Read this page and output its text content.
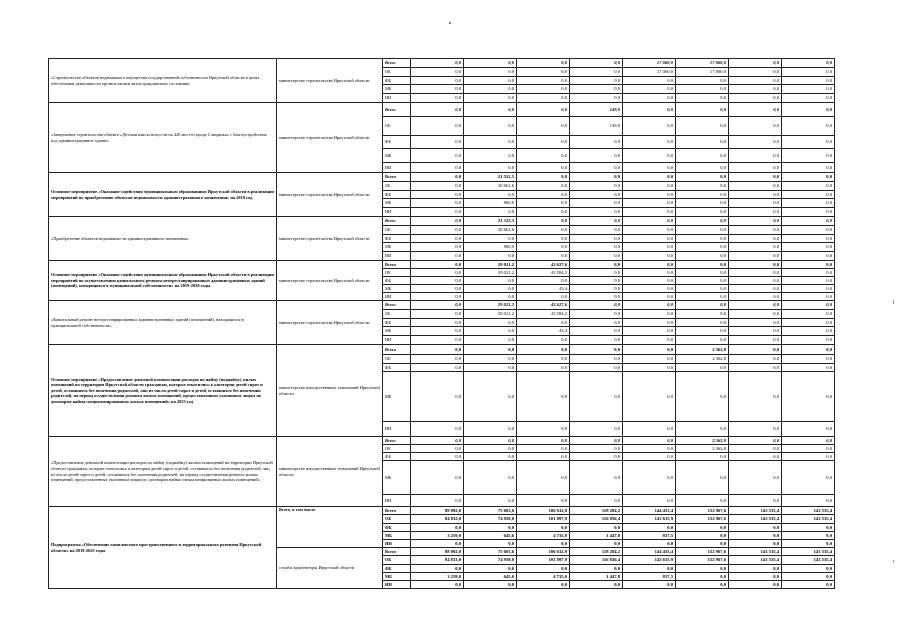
«Строительство объектов недвижимого имущества государственной собственности Иркутской области в целях обеспечения деятельности органов записи актов гражданского состояния»	министерство строительства Иркутской области	Всего	0,0	0,0	0,0	0,0	17 060,0	17 060,0	0,0	0,0
		ОБ	0,0	0,0	0,0	0,0	17 060,0	17 060,0	0,0	0,0
		ФБ	0,0	0,0	0,0	0,0	0,0	0,0	0,0	0,0
		МБ	0,0	0,0	0,0	0,0	0,0	0,0	0,0	0,0
		ИИ	0,0	0,0	0,0	0,0	0,0	0,0	0,0	0,0
«Завершение строительства объекта «Детская школа искусств на 420 мест в городе Слюдянка» с благоустройством под административное здание»	министерство строительства Иркутской области	Всего	0,0	0,0	0,0	149,0	0,0	0,0	0,0	0,0
		ОБ	0,0	0,0	0,0	149,0	0,0	0,0	0,0	0,0
		ФБ	0,0	0,0	0,0	0,0	0,0	0,0	0,0	0,0
		МБ	0,0	0,0	0,0	0,0	0,0	0,0	0,0	0,0
		ИИ	0,0	0,0	0,0	0,0	0,0	0,0	0,0	0,0
Основное мероприятие «Оказание содействия муниципальным образованиям Иркутской области в реализации мероприятий по приобретению объектов недвижимости административного назначения» на 2019 год	министерство строительства Иркутской области	Всего	0,0	21 522,5	0,0	0,0	0,0	0,0	0,0	0,0
		ОБ	0,0	20 661,6	0,0	0,0	0,0	0,0	0,0	0,0
		ФБ	0,0	0,0	0,0	0,0	0,0	0,0	0,0	0,0
		МБ	0,0	860,9	0,0	0,0	0,0	0,0	0,0	0,0
		ИИ	0,0	0,0	0,0	0,0	0,0	0,0	0,0	0,0
«Приобретение объектов недвижимости административного назначения»	министерство строительства Иркутской области	Всего	0,0	21 522,5	0,0	0,0	0,0	0,0	0,0	0,0
		ОБ	0,0	20 661,6	0,0	0,0	0,0	0,0	0,0	0,0
		ФБ	0,0	0,0	0,0	0,0	0,0	0,0	0,0	0,0
		МБ	0,0	860,9	0,0	0,0	0,0	0,0	0,0	0,0
		ИИ	0,0	0,0	0,0	0,0	0,0	0,0	0,0	0,0
Основное мероприятие «Оказание содействия муниципальным образованиям Иркутской области в реализации мероприятий по осуществлению капитального ремонта неотреставрированных административных зданий (помещений), находящихся в муниципальной собственности» на 2019-2020 годы	министерство строительства Иркутской области	Всего	0,0	29 021,2	43 627,6	0,0	0,0	0,0	0,0	0,0
		ОБ	0,0	29 021,2	43 584,2	0,0	0,0	0,0	0,0	0,0
		ФБ	0,0	0,0	0,0	0,0	0,0	0,0	0,0	0,0
		МБ	0,0	0,0	43,4	0,0	0,0	0,0	0,0	0,0
		ИИ	0,0	0,0	0,0	0,0	0,0	0,0	0,0	0,0
«Капитальный ремонт неотреставрированных административных зданий (помещений), находящихся в муниципальной собственности»	министерство строительства Иркутской области	Всего	0,0	29 021,2	43 627,6	0,0	0,0	0,0	0,0	0,0
		ОБ	0,0	29 021,2	43 584,2	0,0	0,0	0,0	0,0	0,0
		ФБ	0,0	0,0	0,0	0,0	0,0	0,0	0,0	0,0
		МБ	0,0	0,0	43,4	0,0	0,0	0,0	0,0	0,0
		ИИ	0,0	0,0	0,0	0,0	0,0	0,0	0,0	0,0
Основное мероприятие «Предоставление денежной компенсации расходов по найму (поднайму) жилых помещений на территории Иркутской области гражданам, которые относились к категории детей-сирот и детей, оставшихся без попечения родителей, лиц из числа детей-сирот и детей, оставшихся без попечения родителей, на период осуществления ремонта жилых помещений, предоставленных указанным лицам по договорам найма специализированных жилых помещений» на 2023 год	министерство имущественных отношений Иркутской области	Всего	0,0	0,0	0,0	0,0	0,0	2 362,8	0,0	0,0
		ОБ	0,0	0,0	0,0	0,0	0,0	2 362,8	0,0	0,0
		ФБ	0,0	0,0	0,0	0,0	0,0	0,0	0,0	0,0
		МБ	0,0	0,0	0,0	0,0	0,0	0,0	0,0	0,0
		ИИ	0,0	0,0	0,0	0,0	0,0	0,0	0,0	0,0
«Предоставление денежной компенсации расходов по найму (поднайму) жилых помещений на территории Иркутской области гражданам, которые относились к категории детей-сирот и детей, оставшихся без попечения родителей, лиц из числа детей-сирот и детей, оставшихся без попечения родителей, на период осуществления ремонта жилых помещений, предоставленных указанным лицам по договорам найма специализированных жилых помещений»	министерство имущественных отношений Иркутской области	Всего	0,0	0,0	0,0	0,0	0,0	2 362,8	0,0	0,0
		ОБ	0,0	0,0	0,0	0,0	0,0	2 362,8	0,0	0,0
		ФБ	0,0	0,0	0,0	0,0	0,0	0,0	0,0	0,0
		МБ	0,0	0,0	0,0	0,0	0,0	0,0	0,0	0,0
		ИИ	0,0	0,0	0,0	0,0	0,0	0,0	0,0	0,0
Подпрограмма «Обеспечение комплексного пространственного и территориального развития Иркутской области» на 2019-2025 годы	Всего, в том числе	Всего	88 092,0	75 603,6	106 632,9	118 284,2	144 453,4	152 967,6	143 535,4	143 535,4
		ОБ	84 832,0	74 958,0	101 897,9	116 836,4	143 615,9	152 967,6	143 535,4	143 535,4
		ФБ	0,0	0,0	0,0	0,0	0,0	0,0	0,0	0,0
		МБ	3 259,0	645,6	4 735,0	1 447,8	837,5	0,0	0,0	0,0
		ИИ	0,0	0,0	0,0	0,0	0,0	0,0	0,0	0,0
	служба архитектуры Иркутской области	Всего	88 092,0	75 603,6	106 632,9	118 284,2	144 453,4	152 967,6	143 535,4	143 535,4
		ОБ	84 833,0	74 958,0	101 897,9	116 836,4	143 615,9	152 967,6	143 535,4	143 535,4
		ФБ	0,0	0,0	0,0	0,0	0,0	0,0	0,0	0,0
		МБ	3 259,0	645,6	4 735,0	1 447,8	837,5	0,0	0,0	0,0
		ИИ	0,0	0,0	0,0	0,0	0,0	0,0	0,0	0,0
